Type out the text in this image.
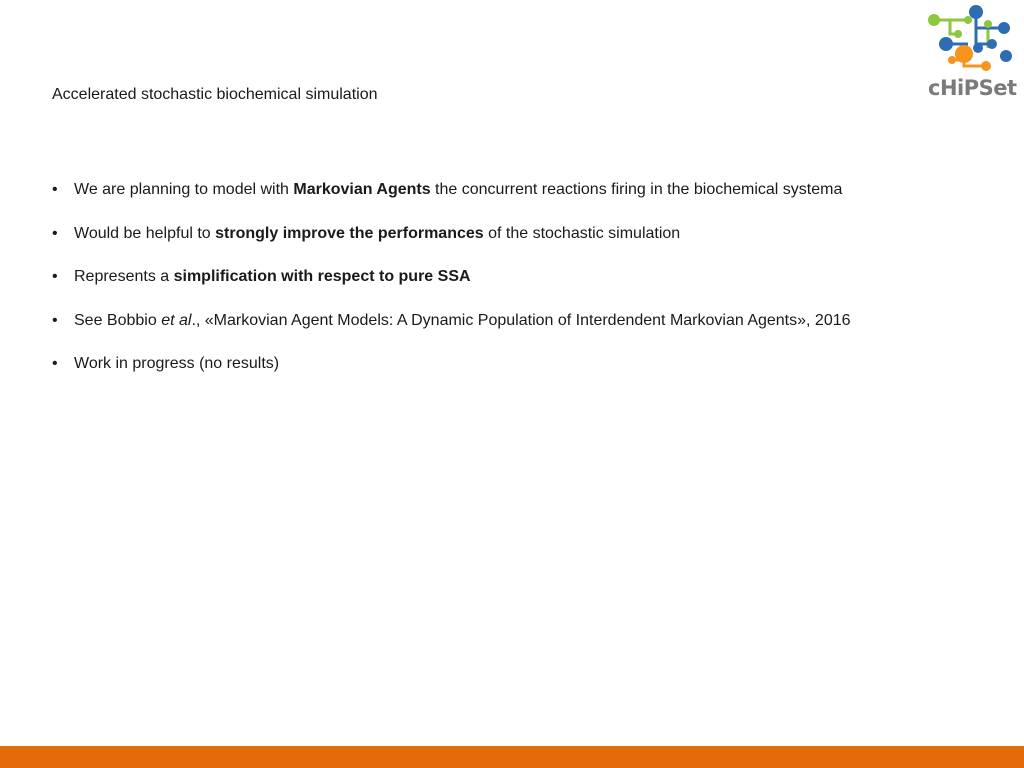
Accelerated stochastic biochemical simulation	cHiPSet
• We are planning to model with Markovian Agents the concurrent reactions firing in the biochemical systema
• Would be helpful to strongly improve the performances of the stochastic simulation
• Represents a simplification with respect to pure SSA
• See Bobbio et al., «Markovian Agent Models: A Dynamic Population of Interdendent Markovian Agents», 2016
• Work in progress (no results)
